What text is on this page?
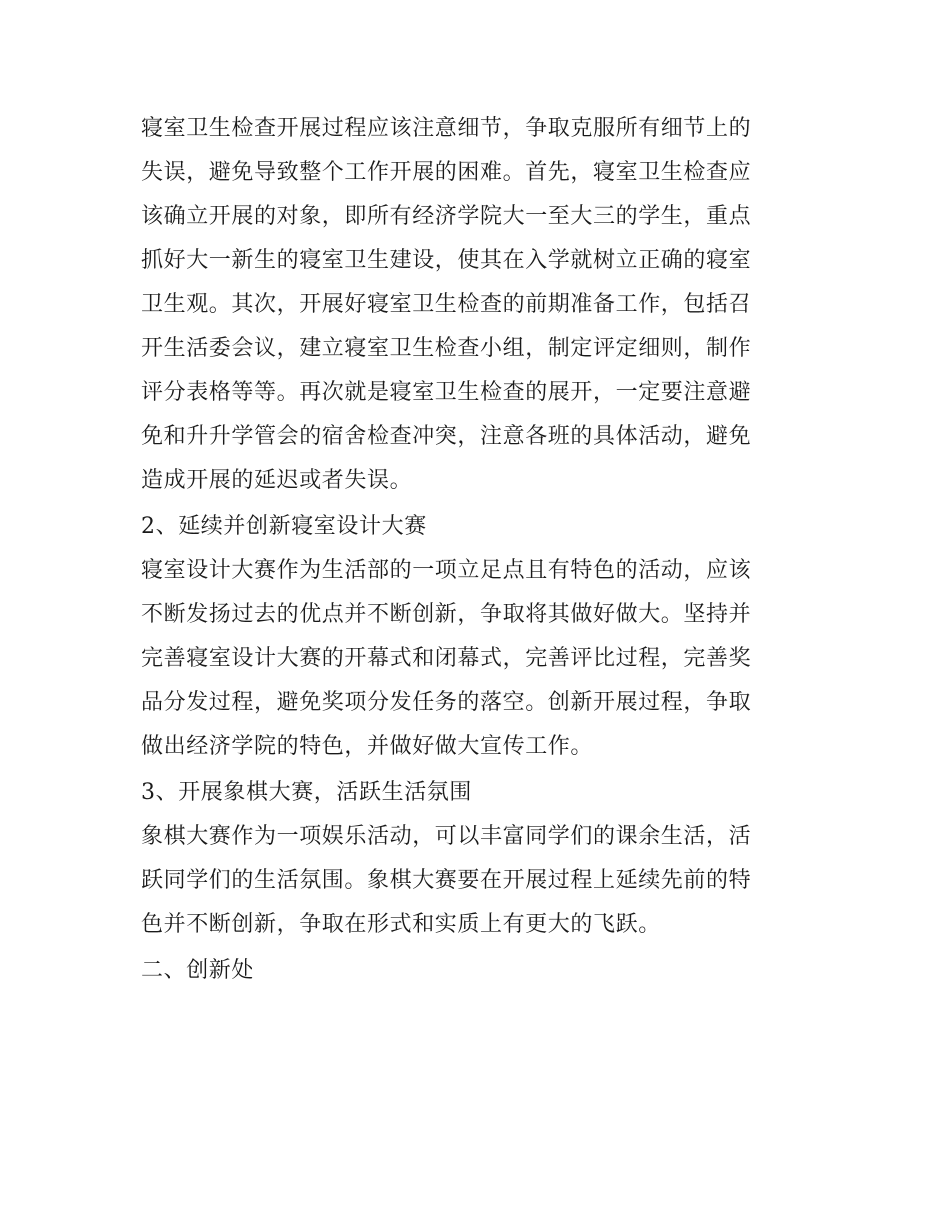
寝室卫生检查开展过程应该注意细节，争取克服所有细节上的
失误，避免导致整个工作开展的困难。首先，寝室卫生检查应
该确立开展的对象，即所有经济学院大一至大三的学生，重点
抓好大一新生的寝室卫生建设，使其在入学就树立正确的寝室
卫生观。其次，开展好寝室卫生检查的前期准备工作，包括召
开生活委会议，建立寝室卫生检查小组，制定评定细则，制作
评分表格等等。再次就是寝室卫生检查的展开，一定要注意避
免和升升学管会的宿舍检查冲突，注意各班的具体活动，避免
造成开展的延迟或者失误。
2、延续并创新寝室设计大赛
寝室设计大赛作为生活部的一项立足点且有特色的活动，应该
不断发扬过去的优点并不断创新，争取将其做好做大。坚持并
完善寝室设计大赛的开幕式和闭幕式，完善评比过程，完善奖
品分发过程，避免奖项分发任务的落空。创新开展过程，争取
做出经济学院的特色，并做好做大宣传工作。
3、开展象棋大赛，活跃生活氛围
象棋大赛作为一项娱乐活动，可以丰富同学们的课余生活，活
跃同学们的生活氛围。象棋大赛要在开展过程上延续先前的特
色并不断创新，争取在形式和实质上有更大的飞跃。
二、创新处
